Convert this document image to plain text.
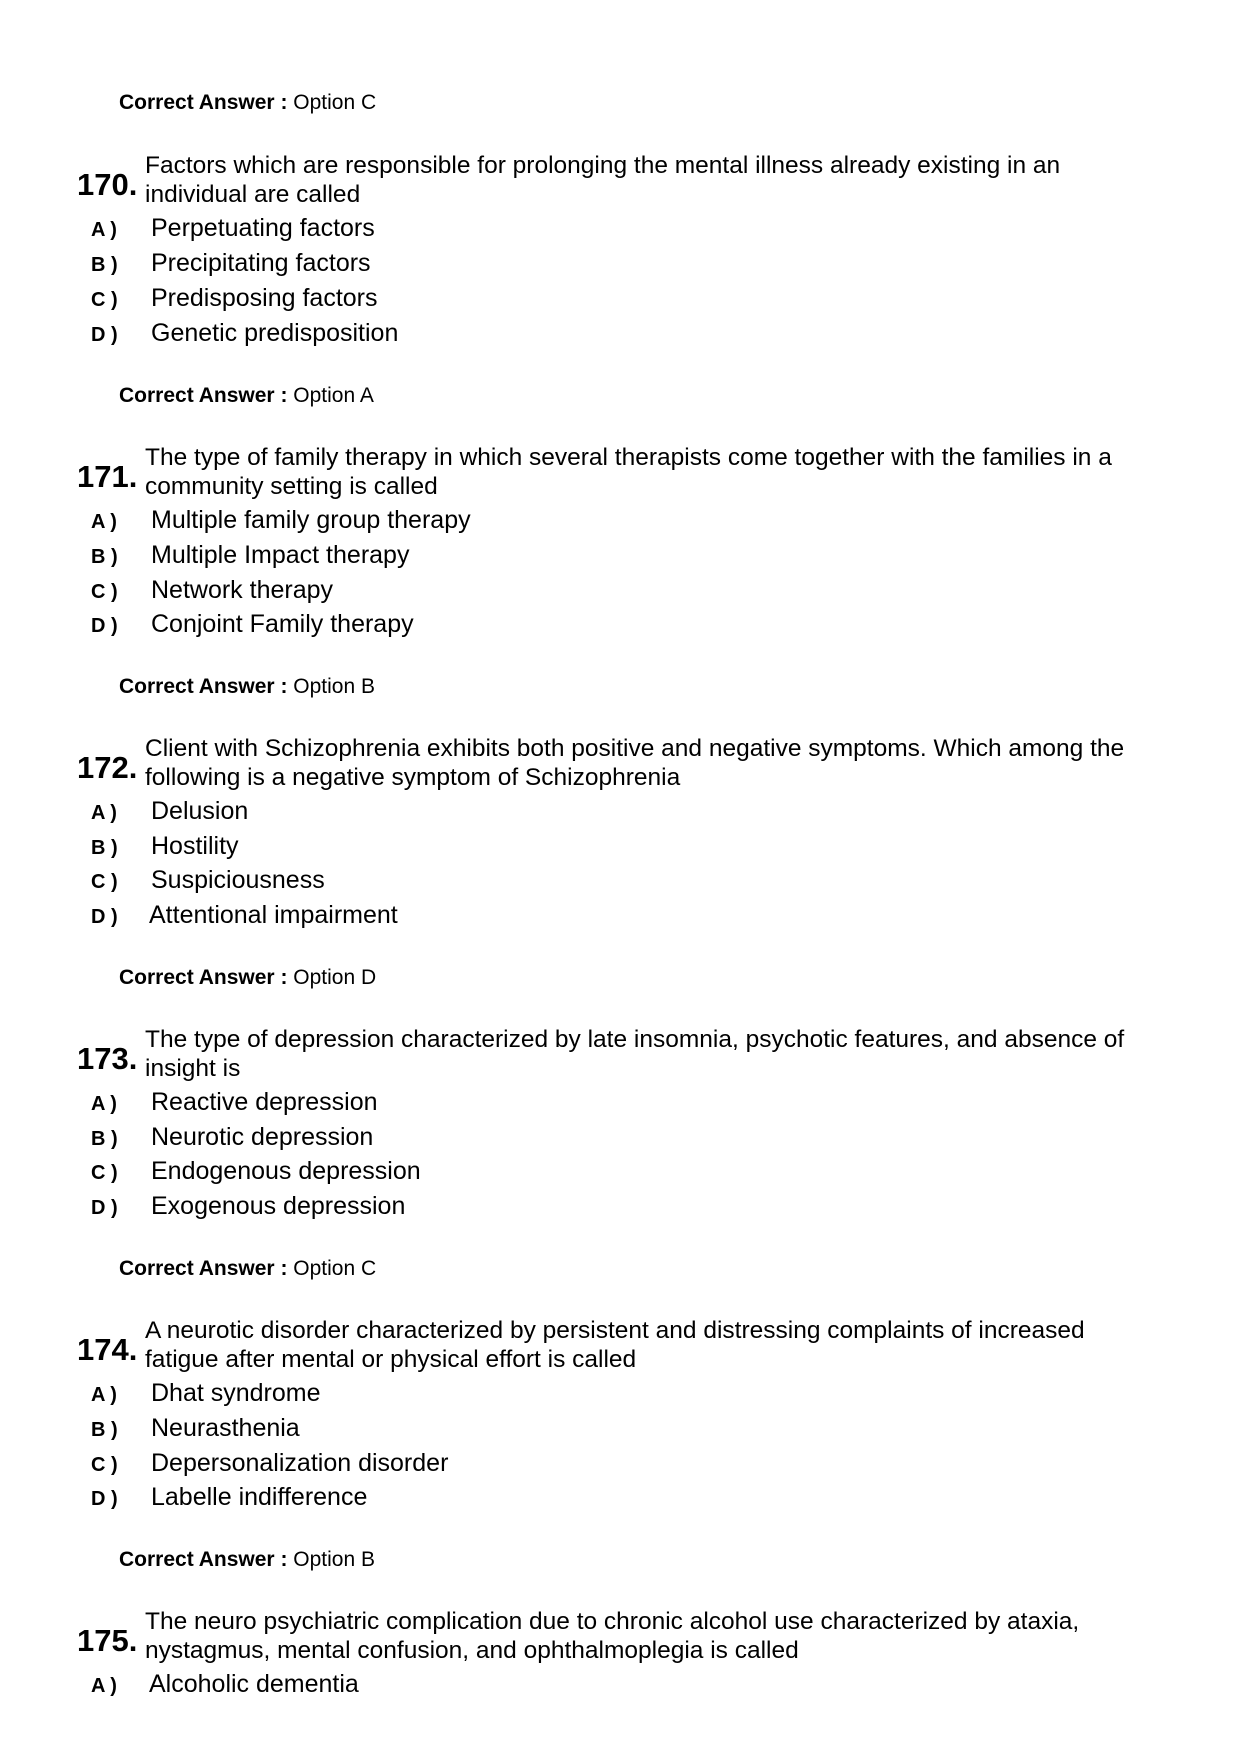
Correct Answer : Option C
170.
Factors which are responsible for prolonging the mental illness already existing in an
individual are called
A ) Perpetuating factors
B ) Precipitating factors
C ) Predisposing factors
D ) Genetic predisposition
Correct Answer : Option A
171.
The type of family therapy in which several therapists come together with the families in a
community setting is called
A ) Multiple family group therapy
B ) Multiple Impact therapy
C ) Network therapy
D ) Conjoint Family therapy
Correct Answer : Option B
172.
Client with Schizophrenia exhibits both positive and negative symptoms. Which among the
following is a negative symptom of Schizophrenia
A ) Delusion
B ) Hostility
C ) Suspiciousness
D ) Attentional impairment
Correct Answer : Option D
173.
The type of depression characterized by late insomnia, psychotic features, and absence of
insight is
A ) Reactive depression
B ) Neurotic depression
C ) Endogenous depression
D ) Exogenous depression
Correct Answer : Option C
174.
A neurotic disorder characterized by persistent and distressing complaints of increased
fatigue after mental or physical effort is called
A ) Dhat syndrome
B ) Neurasthenia
C ) Depersonalization disorder
D ) Labelle indifference
Correct Answer : Option B
175.
The neuro psychiatric complication due to chronic alcohol use characterized by ataxia,
nystagmus, mental confusion, and ophthalmoplegia is called
A ) Alcoholic dementia
